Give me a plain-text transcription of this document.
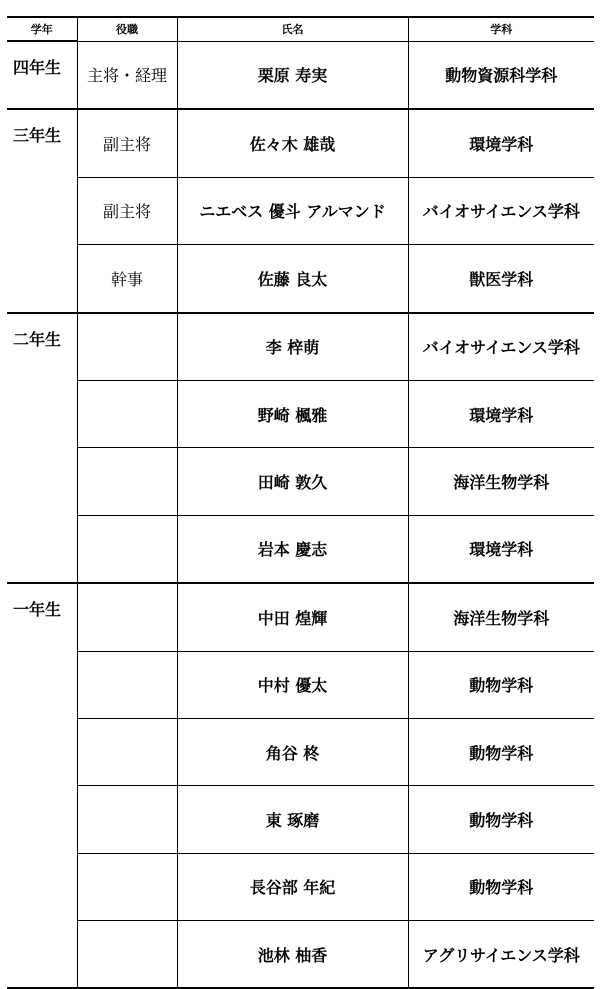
学年	役職	氏名	学科
四年生	主将・経理	栗原 寿実	動物資源科学科
三年生	副主将	佐々木 雄哉	環境学科
	副主将	ニエベス 優斗 アルマンド	バイオサイエンス学科
	幹事	佐藤 良太	獣医学科
二年生		李 梓萌	バイオサイエンス学科
		野崎 楓雅	環境学科
		田崎 敦久	海洋生物学科
		岩本 慶志	環境学科
一年生		中田 煌輝	海洋生物学科
		中村 優太	動物学科
		角谷 柊	動物学科
		東 琢磨	動物学科
		長谷部 年紀	動物学科
		池林 柚香	アグリサイエンス学科
